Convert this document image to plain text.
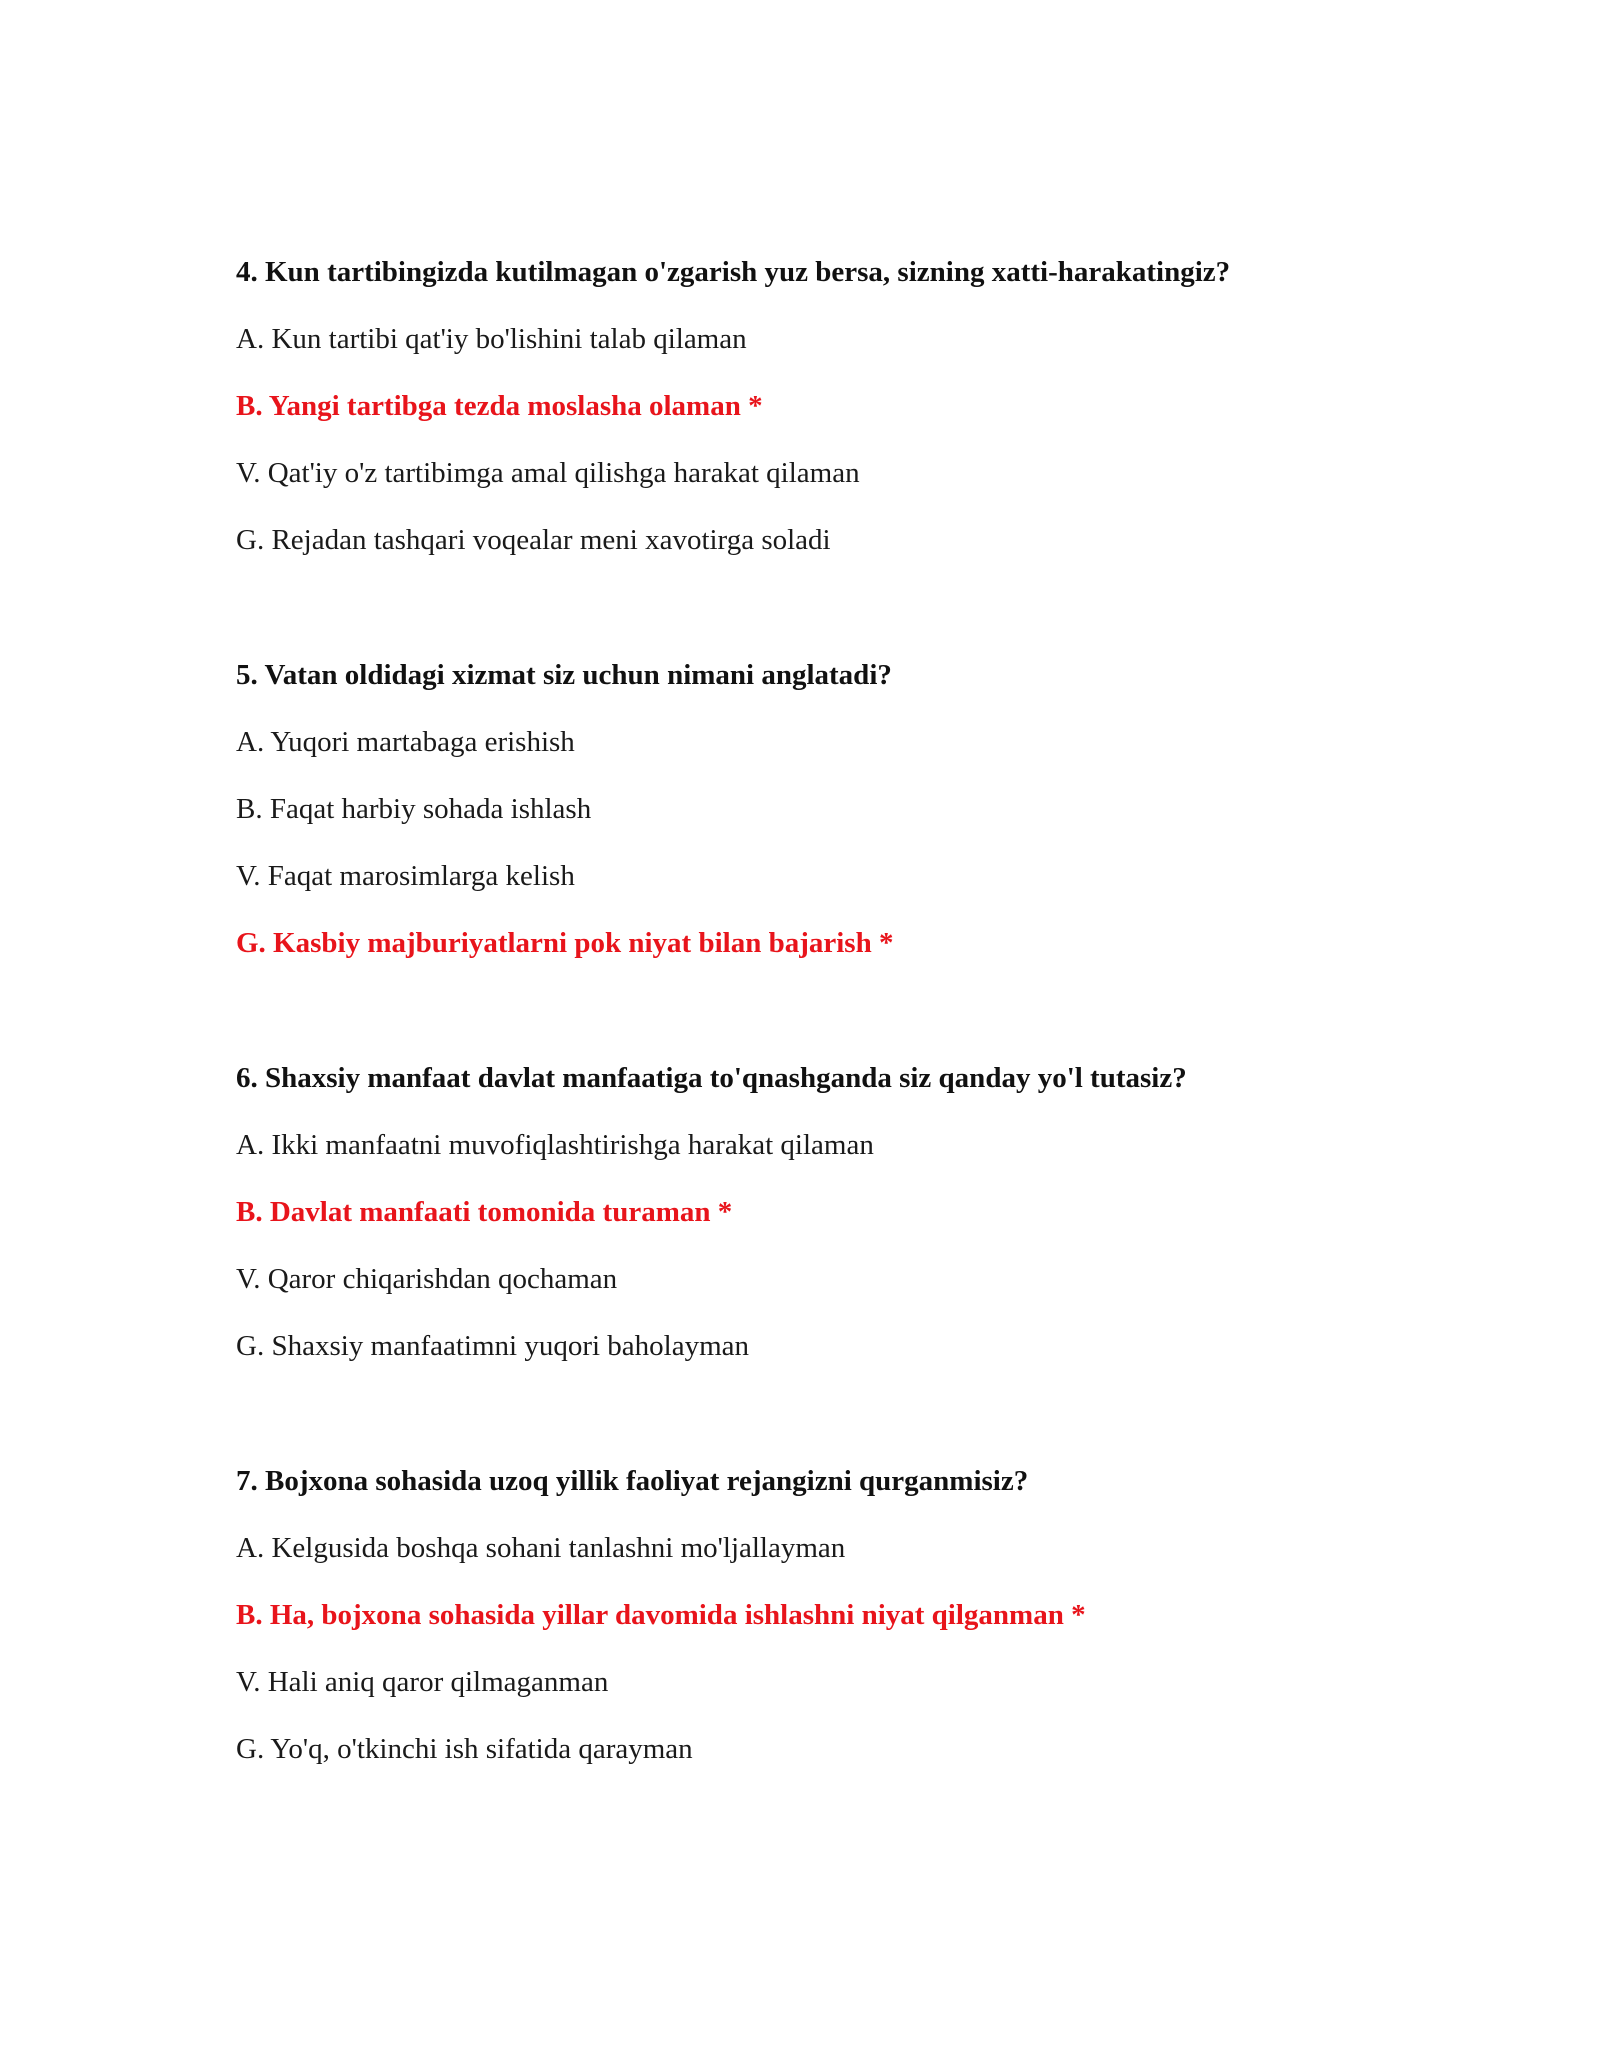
4. Kun tartibingizda kutilmagan o'zgarish yuz bersa, sizning xatti-harakatingiz?
A. Kun tartibi qat'iy bo'lishini talab qilaman
B. Yangi tartibga tezda moslasha olaman *
V. Qat'iy o'z tartibimga amal qilishga harakat qilaman
G. Rejadan tashqari voqealar meni xavotirga soladi
5. Vatan oldidagi xizmat siz uchun nimani anglatadi?
A. Yuqori martabaga erishish
B. Faqat harbiy sohada ishlash
V. Faqat marosimlarga kelish
G. Kasbiy majburiyatlarni pok niyat bilan bajarish *
6. Shaxsiy manfaat davlat manfaatiga to'qnashganda siz qanday yo'l tutasiz?
A. Ikki manfaatni muvofiqlashtirishga harakat qilaman
B. Davlat manfaati tomonida turaman *
V. Qaror chiqarishdan qochaman
G. Shaxsiy manfaatimni yuqori baholayman
7. Bojxona sohasida uzoq yillik faoliyat rejangizni qurganmisiz?
A. Kelgusida boshqa sohani tanlashni mo'ljallayman
B. Ha, bojxona sohasida yillar davomida ishlashni niyat qilganman *
V. Hali aniq qaror qilmaganman
G. Yo'q, o'tkinchi ish sifatida qarayman
